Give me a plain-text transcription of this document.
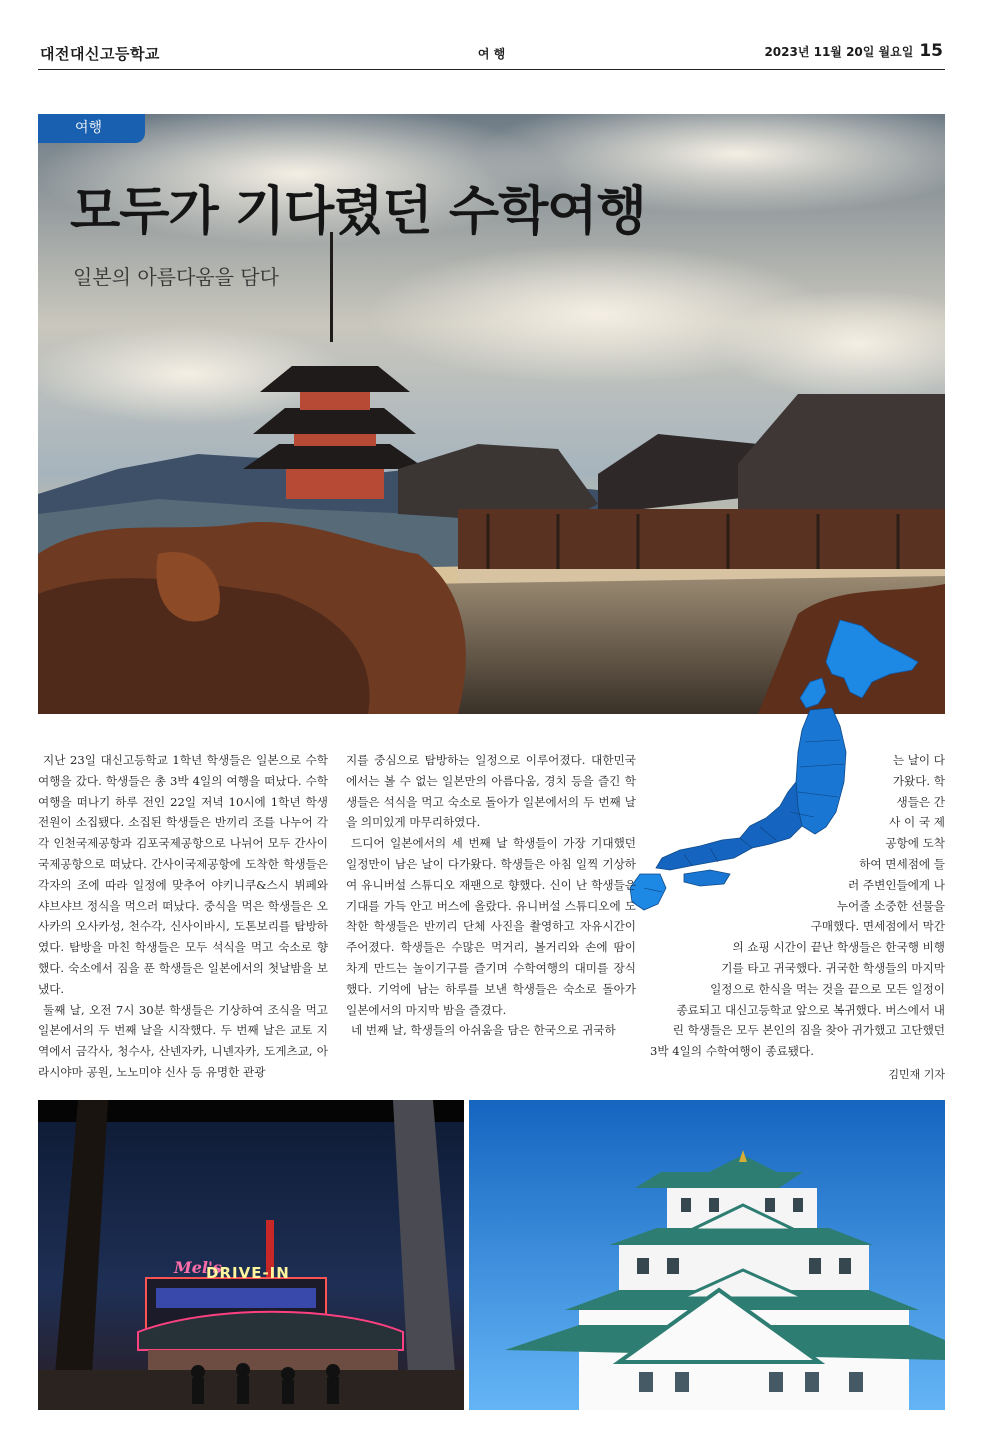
대전대신고등학교	여 행	2023년 11월 20일 월요일 15
여행
모두가 기다렸던 수학여행
일본의 아름다움을 담다

지난 23일 대신고등학교 1학년 학생들은 일본으로 수학여행을 갔다. 학생들은 총 3박 4일의 여행을 떠났다. 수학여행을 떠나기 하루 전인 22일 저녁 10시에 1학년 학생 전원이 소집됐다. 소집된 학생들은 반끼리 조를 나누어 각각 인천국제공항과 김포국제공항으로 나뉘어 모두 간사이국제공항으로 떠났다. 간사이국제공항에 도착한 학생들은 각자의 조에 따라 일정에 맞추어 야키니쿠&스시 뷔페와 샤브샤브 정식을 먹으러 떠났다. 중식을 먹은 학생들은 오사카의 오사카성, 천수각, 신사이바시, 도톤보리를 탐방하였다. 탐방을 마친 학생들은 모두 석식을 먹고 숙소로 향했다. 숙소에서 짐을 푼 학생들은 일본에서의 첫날밤을 보냈다.

둘째 날, 오전 7시 30분 학생들은 기상하여 조식을 먹고 일본에서의 두 번째 날을 시작했다. 두 번째 날은 교토 지역에서 금각사, 청수사, 산넨자카, 니넨자카, 도게츠교, 아라시야마 공원, 노노미야 신사 등 유명한 관광

지를 중심으로 탐방하는 일정으로 이루어졌다. 대한민국에서는 볼 수 없는 일본만의 아름다움, 경치 등을 즐긴 학생들은 석식을 먹고 숙소로 돌아가 일본에서의 두 번째 날을 의미있게 마무리하였다.

드디어 일본에서의 세 번째 날 학생들이 가장 기대했던 일정만이 남은 날이 다가왔다. 학생들은 아침 일찍 기상하여 유니버설 스튜디오 재팬으로 향했다. 신이 난 학생들은 기대를 가득 안고 버스에 올랐다. 유니버설 스튜디오에 도착한 학생들은 반끼리 단체 사진을 촬영하고 자유시간이 주어졌다. 학생들은 수많은 먹거리, 볼거리와 손에 땀이 차게 만드는 놀이기구를 즐기며 수학여행의 대미를 장식했다. 기억에 남는 하루를 보낸 학생들은 숙소로 돌아가 일본에서의 마지막 밤을 즐겼다.

네 번째 날, 학생들의 아쉬움을 담은 한국으로 귀국하

는 날이 다
가왔다. 학
생들은 간
사 이 국 제
공항에 도착
하여 면세점에 들
러 주변인들에게 나
누어줄 소중한 선물을
구매했다. 면세점에서 막간
의 쇼핑 시간이 끝난 학생들은 한국행 비행
기를 타고 귀국했다. 귀국한 학생들의 마지막
일정으로 한식을 먹는 것을 끝으로 모든 일정이
종료되고 대신고등학교 앞으로 복귀했다. 버스에서 내
린 학생들은 모두 본인의 짐을 찾아 귀가했고 고단했던
3박 4일의 수학여행이 종료됐다.
김민재 기자
Mel's
DRIVE-IN
